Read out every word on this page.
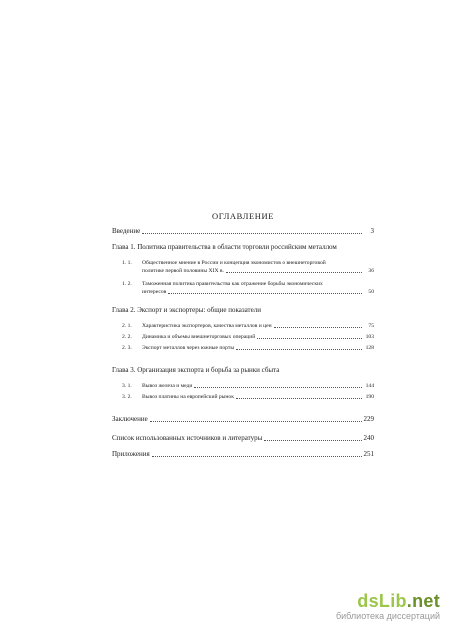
ОГЛАВЛЕНИЕ
Введение	3
Глава 1. Политика правительства в области торговли российским металлом
1. 1. Общественное мнение в России и концепция экономистов о внешнеторговой
политике первой половины XIX в.	36
1. 2. Таможенная политика правительства как отражение борьбы экономических
интересов	50
Глава 2. Экспорт и экспортеры: общие показатели
2. 1. Характеристика экспортеров, качества металлов и цен	75
2. 2. Динамика и объемы внешнеторговых операций	103
2. 3. Экспорт металлов через южные порты	128
Глава 3. Организация экспорта и борьба за рынки сбыта
3. 1. Вывоз железа и меди	144
3. 2. Вывоз платины на европейский рынок	190
Заключение	229
Список использованных источников и литературы	240
Приложения	251
dsLib.net
библиотека диссертаций
